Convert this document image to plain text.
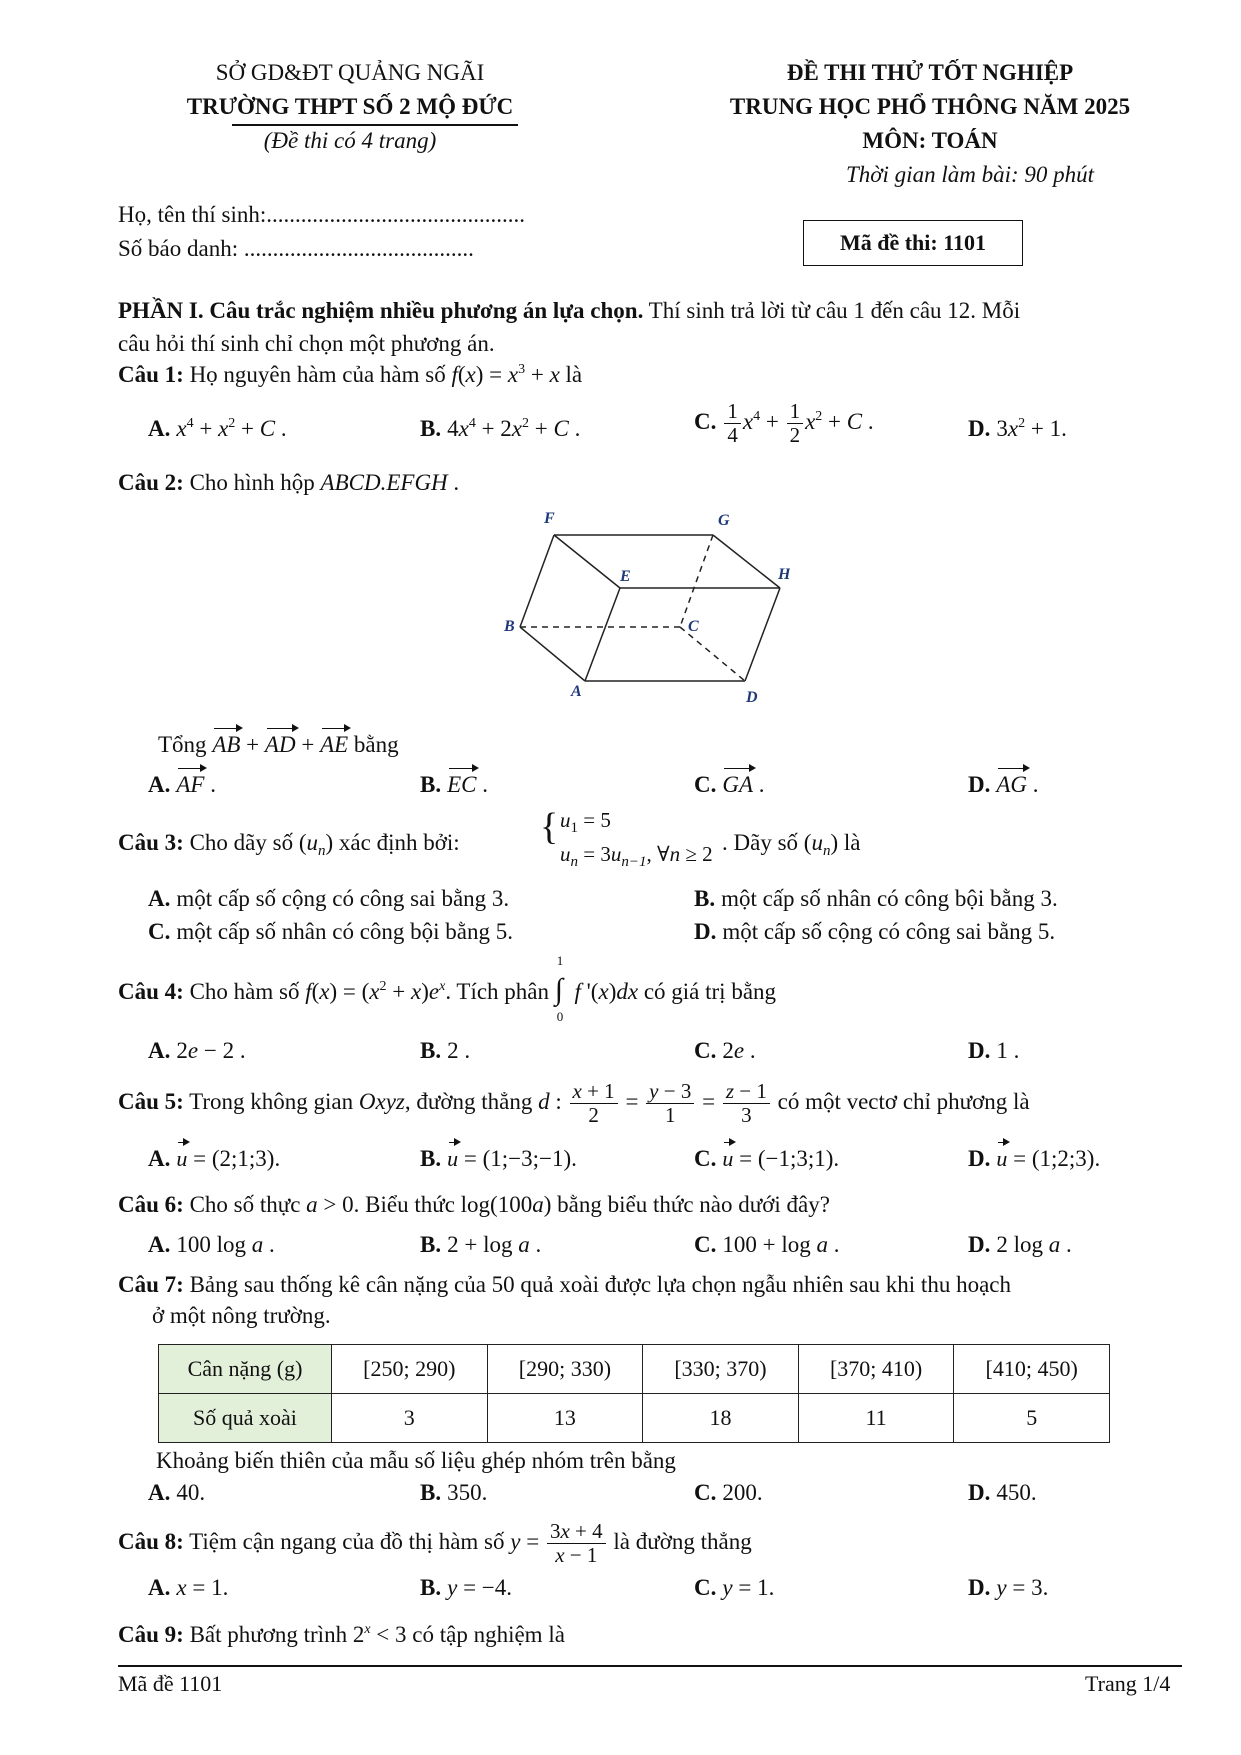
SỞ GD&ĐT QUẢNG NGÃI
TRƯỜNG THPT SỐ 2 MỘ ĐỨC
(Đề thi có 4 trang)
ĐỀ THI THỬ TỐT NGHIỆP
TRUNG HỌC PHỔ THÔNG NĂM 2025
MÔN: TOÁN
Thời gian làm bài: 90 phút
Họ, tên thí sinh:.............................................
Số báo danh: ........................................	Mã đề thi: 1101
PHẦN I. Câu trắc nghiệm nhiều phương án lựa chọn. Thí sinh trả lời từ câu 1 đến câu 12. Mỗi
câu hỏi thí sinh chỉ chọn một phương án.
Câu 1: Họ nguyên hàm của hàm số $f(x) = x^3 + x$ là
A. $x^4 + x^2 + C$ .	B. $4x^4 + 2x^2 + C$ .	C. $\frac{1}{4} x^4 + \frac{1}{2} x^2 + C$ .	D. $3x^2 + 1$.
Câu 2: Cho hình hộp ABCD.EFGH .
F	G
E	H
B	C
A	D
Tổng AB + AD + AE bằng
A. AF .	B. EC .	C. GA .	D. AG .
Câu 3: Cho dãy số $(u_n)$ xác định bởi: { $u_1 = 5$
$u_n = 3u_{n-1}$, ∀n ≥ 2 . Dãy số $(u_n)$ là
A. một cấp số cộng có công sai bằng 3.	B. một cấp số nhân có công bội bằng 3.
C. một cấp số nhân có công bội bằng 5.	D. một cấp số cộng có công sai bằng 5.
Câu 4: Cho hàm số $f(x) = (x^2 + x)e^x$. Tích phân ∫
1
0
f '(x)dx có giá trị bằng
A. 2e − 2 .	B. 2 .	C. 2e .	D. 1 .
Câu 5: Trong không gian Oxyz, đường thẳng d : $\frac{x + 1}{2} = \frac{y - 3}{1} = \frac{z - 1}{3}$ có một vectơ chỉ phương là
A. u = (2;1;3).	B. u = (1;−3;−1).	C. u = (−1;3;1).	D. u = (1;2;3).
Câu 6: Cho số thực a > 0. Biểu thức log(100a) bằng biểu thức nào dưới đây?
A. 100 log a .	B. 2 + log a .	C. 100 + log a .	D. 2 log a .
Câu 7: Bảng sau thống kê cân nặng của 50 quả xoài được lựa chọn ngẫu nhiên sau khi thu hoạch
ở một nông trường.
Cân nặng (g)	[250; 290)	[290; 330)	[330; 370)	[370; 410)	[410; 450)
Số quả xoài	3	13	18	11	5
Khoảng biến thiên của mẫu số liệu ghép nhóm trên bằng
A. 40.	B. 350.	C. 200.	D. 450.
Câu 8: Tiệm cận ngang của đồ thị hàm số $y = \frac{3x + 4}{x - 1}$ là đường thẳng
A. x = 1.	B. y = −4.	C. y = 1.	D. y = 3.
Câu 9: Bất phương trình $2^x < 3$ có tập nghiệm là
Mã đề 1101	Trang 1/4
